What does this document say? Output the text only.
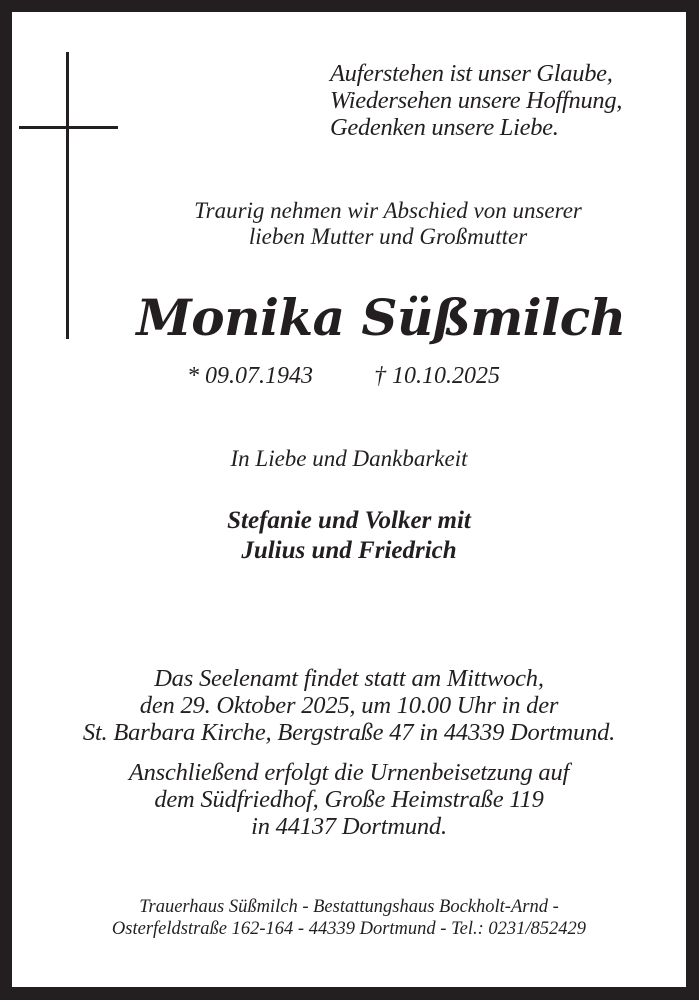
Auferstehen ist unser Glaube,
Wiedersehen unsere Hoffnung,
Gedenken unsere Liebe.
Traurig nehmen wir Abschied von unserer
lieben Mutter und Großmutter
Monika Süßmilch
* 09.07.1943	† 10.10.2025
In Liebe und Dankbarkeit
Stefanie und Volker mit
Julius und Friedrich
Das Seelenamt findet statt am Mittwoch,
den 29. Oktober 2025, um 10.00 Uhr in der
St. Barbara Kirche, Bergstraße 47 in 44339 Dortmund.
Anschließend erfolgt die Urnenbeisetzung auf
dem Südfriedhof, Große Heimstraße 119
in 44137 Dortmund.
Trauerhaus Süßmilch - Bestattungshaus Bockholt-Arnd -
Osterfeldstraße 162-164 - 44339 Dortmund - Tel.: 0231/852429
